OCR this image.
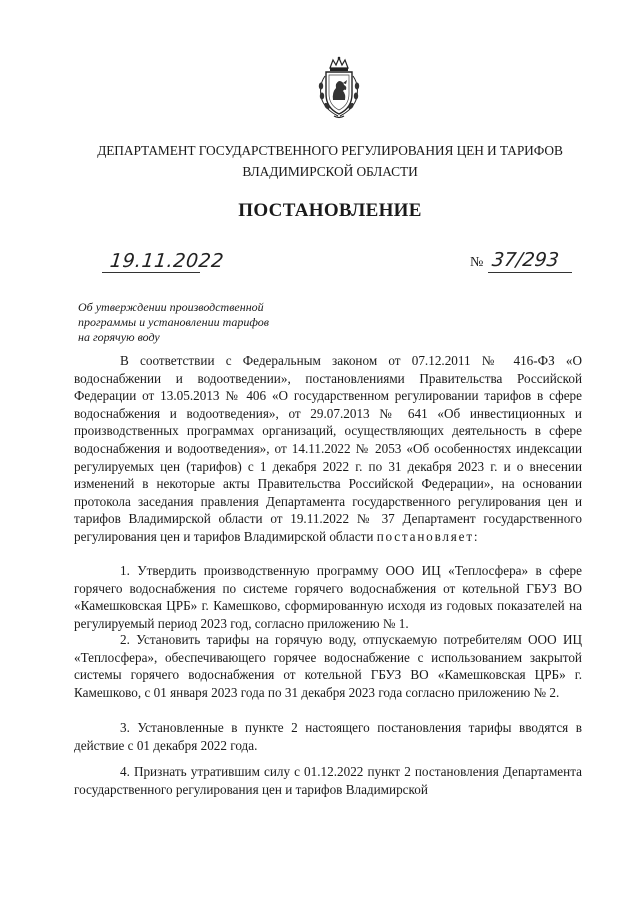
ДЕПАРТАМЕНТ ГОСУДАРСТВЕННОГО РЕГУЛИРОВАНИЯ ЦЕН И ТАРИФОВ
ВЛАДИМИРСКОЙ ОБЛАСТИ
ПОСТАНОВЛЕНИЕ
19.11.2022	№ 37/293
Об утверждении производственной
программы и установлении тарифов
на горячую воду
В соответствии с Федеральным законом от 07.12.2011 № 416-ФЗ «О водоснабжении и водоотведении», постановлениями Правительства Российской Федерации от 13.05.2013 № 406 «О государственном регулировании тарифов в сфере водоснабжения и водоотведения», от 29.07.2013 № 641 «Об инвестиционных и производственных программах организаций, осуществляющих деятельность в сфере водоснабжения и водоотведения», от 14.11.2022 № 2053 «Об особенностях индексации регулируемых цен (тарифов) с 1 декабря 2022 г. по 31 декабря 2023 г. и о внесении изменений в некоторые акты Правительства Российской Федерации», на основании протокола заседания правления Департамента государственного регулирования цен и тарифов Владимирской области от 19.11.2022 № 37 Департамент государственного регулирования цен и тарифов Владимирской области постановляет:
1. Утвердить производственную программу ООО ИЦ «Теплосфера» в сфере горячего водоснабжения по системе горячего водоснабжения от котельной ГБУЗ ВО «Камешковская ЦРБ» г. Камешково, сформированную исходя из годовых показателей на регулируемый период 2023 год, согласно приложению № 1.
2. Установить тарифы на горячую воду, отпускаемую потребителям ООО ИЦ «Теплосфера», обеспечивающего горячее водоснабжение с использованием закрытой системы горячего водоснабжения от котельной ГБУЗ ВО «Камешковская ЦРБ» г. Камешково, с 01 января 2023 года по 31 декабря 2023 года согласно приложению № 2.
3. Установленные в пункте 2 настоящего постановления тарифы вводятся в действие с 01 декабря 2022 года.
4. Признать утратившим силу с 01.12.2022 пункт 2 постановления Департамента государственного регулирования цен и тарифов Владимирской
